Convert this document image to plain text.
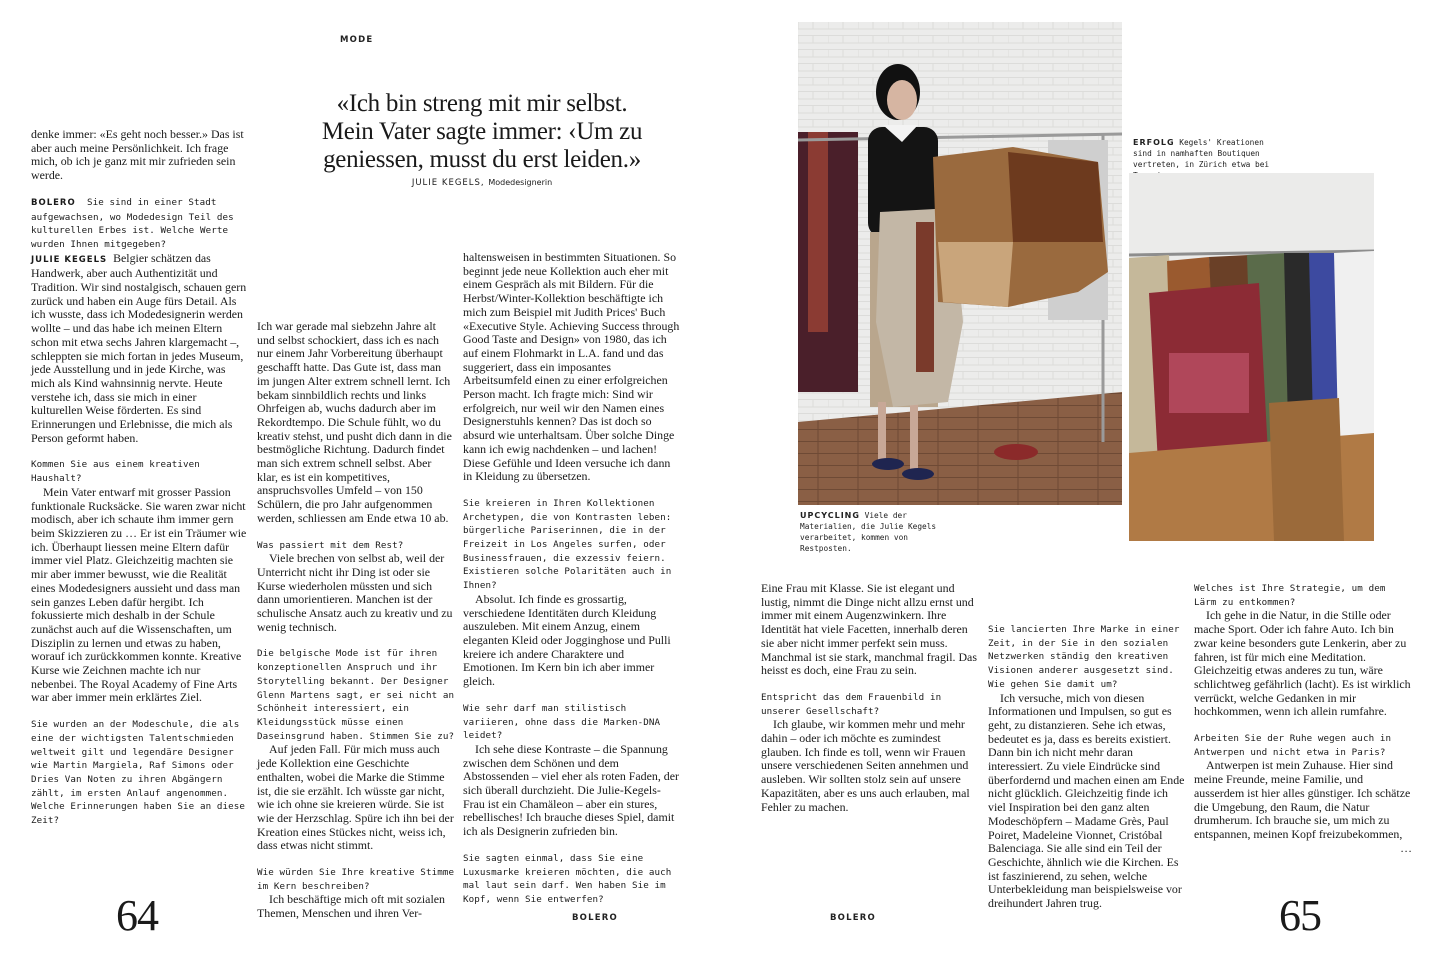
MODE
«Ich bin streng mit mir selbst.
Mein Vater sagte immer: ‹Um zu
geniessen, musst du erst leiden.»
JULIE KEGELS, Modedesignerin

denke immer: «Es geht noch besser.» Das ist aber auch meine Persönlichkeit. Ich frage mich, ob ich je ganz mit mir zufrieden sein werde.

BOLERO Sie sind in einer Stadt aufgewachsen, wo Modedesign Teil des kulturellen Erbes ist. Welche Werte wurden Ihnen mitgegeben?

JULIE KEGELS Belgier schätzen das Handwerk, aber auch Authentizität und Tradition. Wir sind nostalgisch, schauen gern zurück und haben ein Auge fürs Detail. Als ich wusste, dass ich Modedesignerin werden wollte – und das habe ich meinen Eltern schon mit etwa sechs Jahren klargemacht –, schleppten sie mich fortan in jedes Museum, jede Ausstellung und in jede Kirche, was mich als Kind wahnsinnig nervte. Heute verstehe ich, dass sie mich in einer kulturellen Weise förderten. Es sind Erinnerungen und Erlebnisse, die mich als Person geformt haben.

Kommen Sie aus einem kreativen Haushalt?

Mein Vater entwarf mit grosser Passion funktionale Rucksäcke. Sie waren zwar nicht modisch, aber ich schaute ihm immer gern beim Skizzieren zu … Er ist ein Träumer wie ich. Überhaupt liessen meine Eltern dafür immer viel Platz. Gleichzeitig machten sie mir aber immer bewusst, wie die Realität eines Modedesigners aussieht und dass man sein ganzes Leben dafür hergibt. Ich fokussierte mich deshalb in der Schule zunächst auch auf die Wissenschaften, um Disziplin zu lernen und etwas zu haben, worauf ich zurückkommen konnte. Kreative Kurse wie Zeichnen machte ich nur nebenbei. The Royal Academy of Fine Arts war aber immer mein erklärtes Ziel.

Sie wurden an der Modeschule, die als eine der wichtigsten Talentschmieden weltweit gilt und legendäre Designer wie Martin Margiela, Raf Simons oder Dries Van Noten zu ihren Abgängern zählt, im ersten Anlauf angenommen. Welche Erinnerungen haben Sie an diese Zeit?

Ich war gerade mal siebzehn Jahre alt und selbst schockiert, dass ich es nach nur einem Jahr Vorbereitung überhaupt geschafft hatte. Das Gute ist, dass man im jungen Alter extrem schnell lernt. Ich bekam sinnbildlich rechts und links Ohrfeigen ab, wuchs dadurch aber im Rekordtempo. Die Schule fühlt, wo du kreativ stehst, und pusht dich dann in die bestmögliche Richtung. Dadurch findet man sich extrem schnell selbst. Aber klar, es ist ein kompetitives, anspruchsvolles Umfeld – von 150 Schülern, die pro Jahr aufgenommen werden, schliessen am Ende etwa 10 ab.

Was passiert mit dem Rest?

Viele brechen von selbst ab, weil der Unterricht nicht ihr Ding ist oder sie Kurse wiederholen müssten und sich dann umorientieren. Manchen ist der schulische Ansatz auch zu kreativ und zu wenig technisch.

Die belgische Mode ist für ihren konzeptionellen Anspruch und ihr Storytelling bekannt. Der Designer Glenn Martens sagt, er sei nicht an Schönheit interessiert, ein Kleidungsstück müsse einen Daseinsgrund haben. Stimmen Sie zu?

Auf jeden Fall. Für mich muss auch jede Kollektion eine Geschichte enthalten, wobei die Marke die Stimme ist, die sie erzählt. Ich wüsste gar nicht, wie ich ohne sie kreieren würde. Sie ist wie der Herzschlag. Spüre ich ihn bei der Kreation eines Stückes nicht, weiss ich, dass etwas nicht stimmt.

Wie würden Sie Ihre kreative Stimme im Kern beschreiben?

Ich beschäftige mich oft mit sozialen Themen, Menschen und ihren Ver-

haltensweisen in bestimmten Situationen. So beginnt jede neue Kollektion auch eher mit einem Gespräch als mit Bildern. Für die Herbst/Winter-Kollektion beschäftigte ich mich zum Beispiel mit Judith Prices' Buch «Executive Style. Achieving Success through Good Taste and Design» von 1980, das ich auf einem Flohmarkt in L.A. fand und das suggeriert, dass ein imposantes Arbeitsumfeld einen zu einer erfolgreichen Person macht. Ich fragte mich: Sind wir erfolgreich, nur weil wir den Namen eines Designerstuhls kennen? Das ist doch so absurd wie unterhaltsam. Über solche Dinge kann ich ewig nachdenken – und lachen! Diese Gefühle und Ideen versuche ich dann in Kleidung zu übersetzen.

Sie kreieren in Ihren Kollektionen Archetypen, die von Kontrasten leben: bürgerliche Pariserinnen, die in der Freizeit in Los Angeles surfen, oder Businessfrauen, die exzessiv feiern. Existieren solche Polaritäten auch in Ihnen?

Absolut. Ich finde es grossartig, verschiedene Identitäten durch Kleidung auszuleben. Mit einem Anzug, einem eleganten Kleid oder Jogginghose und Pulli kreiere ich andere Charaktere und Emotionen. Im Kern bin ich aber immer gleich.

Wie sehr darf man stilistisch variieren, ohne dass die Marken-DNA leidet?

Ich sehe diese Kontraste – die Spannung zwischen dem Schönen und dem Abstossenden – viel eher als roten Faden, der sich überall durchzieht. Die Julie-Kegels-Frau ist ein Chamäleon – aber ein stures, rebellisches! Ich brauche dieses Spiel, damit ich als Designerin zufrieden bin.

Sie sagten einmal, dass Sie eine Luxusmarke kreieren möchten, die auch mal laut sein darf. Wen haben Sie im Kopf, wenn Sie entwerfen?

64	BOLERO
UPCYCLING Viele der Materialien, die Julie Kegels verarbeitet, kommen von Restposten.
ERFOLG Kegels' Kreationen sind in namhaften Boutiquen vertreten, in Zürich etwa bei

Eine Frau mit Klasse. Sie ist elegant und lustig, nimmt die Dinge nicht allzu ernst und immer mit einem Augenzwinkern. Ihre Identität hat viele Facetten, innerhalb deren sie aber nicht immer perfekt sein muss. Manchmal ist sie stark, manchmal fragil. Das heisst es doch, eine Frau zu sein.

Entspricht das dem Frauenbild in unserer Gesellschaft?

Ich glaube, wir kommen mehr und mehr dahin – oder ich möchte es zumindest glauben. Ich finde es toll, wenn wir Frauen unsere verschiedenen Seiten annehmen und ausleben. Wir sollten stolz sein auf unsere Kapazitäten, aber es uns auch erlauben, mal Fehler zu machen.

Sie lancierten Ihre Marke in einer Zeit, in der Sie in den sozialen Netzwerken ständig den kreativen Visionen anderer ausgesetzt sind. Wie gehen Sie damit um?

Ich versuche, mich von diesen Informationen und Impulsen, so gut es geht, zu distanzieren. Sehe ich etwas, bedeutet es ja, dass es bereits existiert. Dann bin ich nicht mehr daran interessiert. Zu viele Eindrücke sind überfordernd und machen einen am Ende nicht glücklich. Gleichzeitig finde ich viel Inspiration bei den ganz alten Modeschöpfern – Madame Grès, Paul Poiret, Madeleine Vionnet, Cristóbal Balenciaga. Sie alle sind ein Teil der Geschichte, ähnlich wie die Kirchen. Es ist faszinierend, zu sehen, welche Unterbekleidung man beispielsweise vor dreihundert Jahren trug.

Welches ist Ihre Strategie, um dem Lärm zu entkommen?

Ich gehe in die Natur, in die Stille oder mache Sport. Oder ich fahre Auto. Ich bin zwar keine besonders gute Lenkerin, aber zu fahren, ist für mich eine Meditation. Gleichzeitig etwas anderes zu tun, wäre schlichtweg gefährlich (lacht). Es ist wirklich verrückt, welche Gedanken in mir hochkommen, wenn ich allein rumfahre.

Arbeiten Sie der Ruhe wegen auch in Antwerpen und nicht etwa in Paris?

Antwerpen ist mein Zuhause. Hier sind meine Freunde, meine Familie, und ausserdem ist hier alles günstiger. Ich schätze die Umgebung, den Raum, die Natur drumherum. Ich brauche sie, um mich zu entspannen, meinen Kopf freizubekommen,

…

BOLERO	65
